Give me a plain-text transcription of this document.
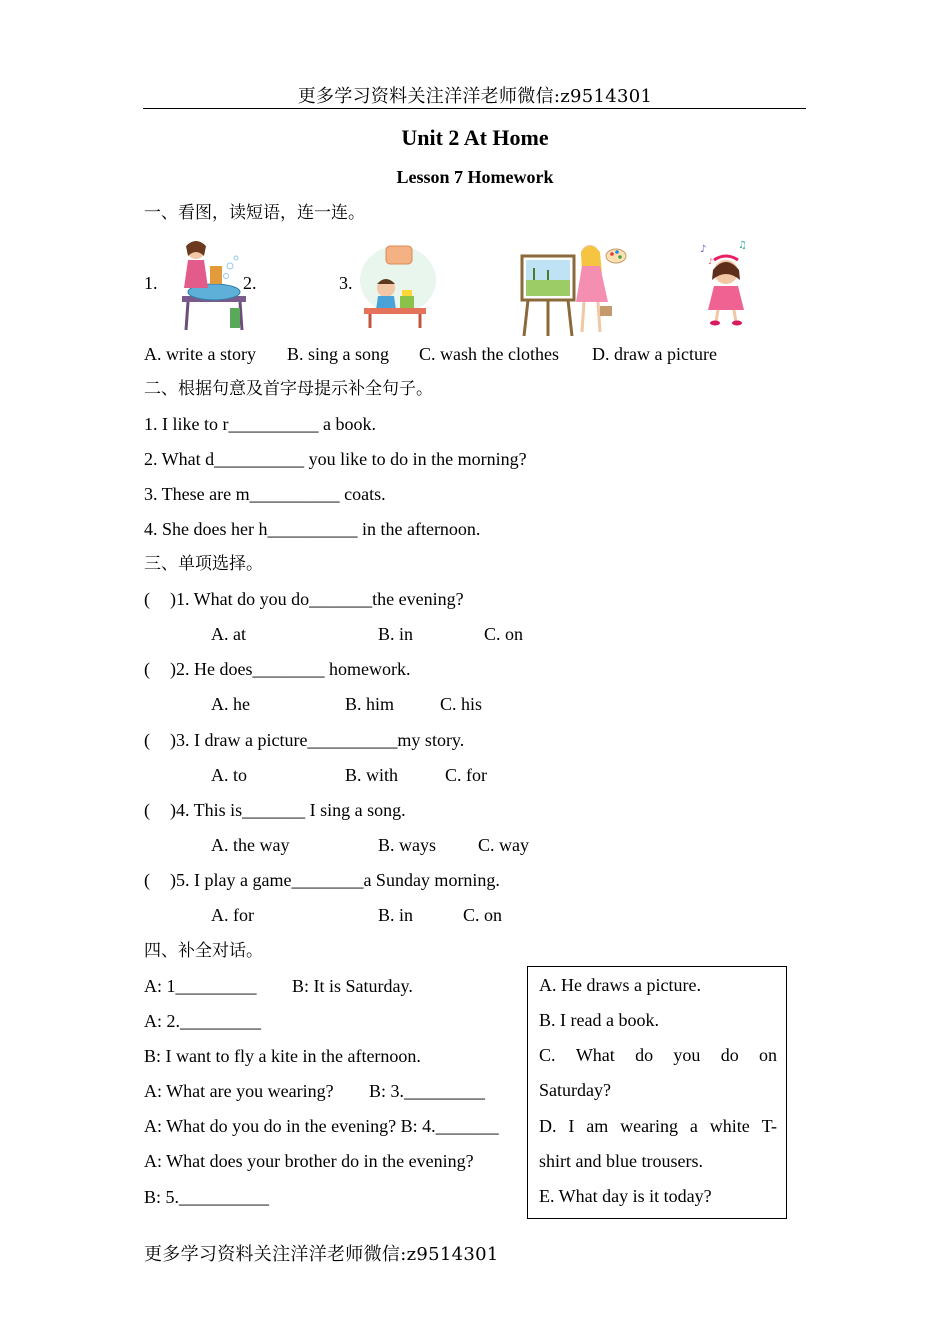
更多学习资料关注洋洋老师微信:z9514301
Unit 2 At Home
Lesson 7 Homework
一、看图，读短语，连一连。
1.	2.	3.
♪	♫
♪
A. write a story B. sing a song C. wash the clothes D. draw a picture
二、根据句意及首字母提示补全句子。
1. I like to r__________ a book.
2. What d__________ you like to do in the morning?
3. These are m__________ coats.
4. She does her h__________ in the afternoon.
三、单项选择。
( )1. What do you do_______the evening?
A. at	B. in	C. on
( )2. He does________ homework.
A. he	B. him	C. his
( )3. I draw a picture__________my story.
A. to	B. with	C. for
( )4. This is_______ I sing a song.
A. the way	B. ways C. way
( )5. I play a game________a Sunday morning.
A. for	B. in	C. on
四、补全对话。
A: 1_________ B: It is Saturday.
A: 2._________
B: I want to fly a kite in the afternoon.
A: What are you wearing? B: 3._________
A: What do you do in the evening? B: 4._______
A: What does your brother do in the evening?
B: 5.__________
A. He draws a picture.
B. I read a book.
C. What do you do on
Saturday?
D. I am wearing a white T-
shirt and blue trousers.
E. What day is it today?
更多学习资料关注洋洋老师微信:z9514301
